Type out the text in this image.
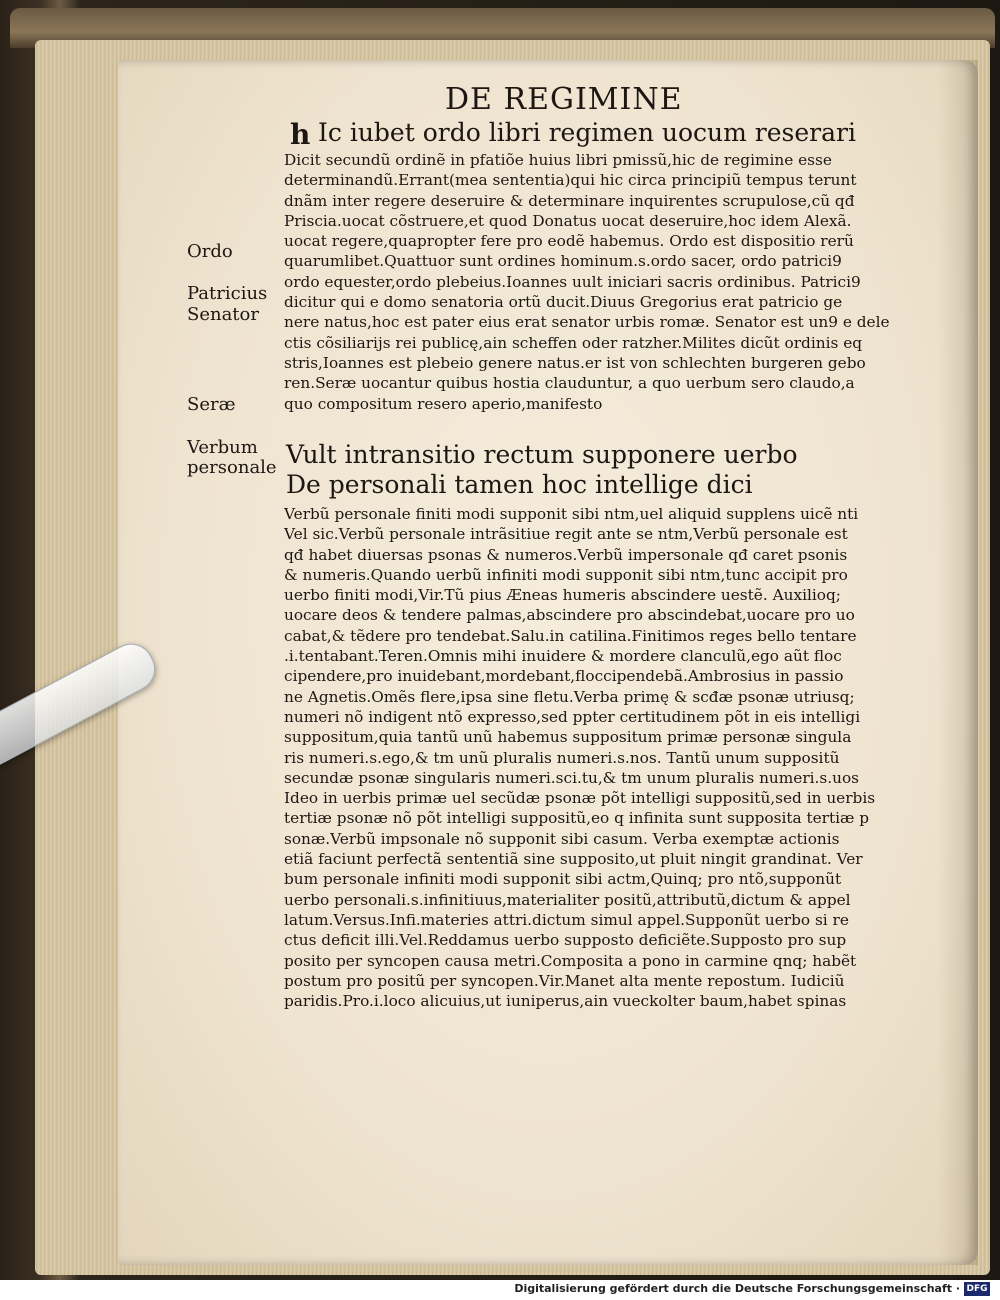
DE REGIMINE
h Ic iubet ordo libri regimen uocum reserari
Dicit secundũ ordinẽ in pfatiõe huius libri pmissũ,hic de regimine esse
determinandũ.Errant(mea sententia)qui hic circa principiũ tempus terunt
dnãm inter regere deseruire & determinare inquirentes scrupulose,cũ qđ
Priscia.uocat cõstruere,et quod Donatus uocat deseruire,hoc idem Alexã.
uocat regere,quapropter fere pro eodẽ habemus. Ordo est dispositio rerũ
quarumlibet.Quattuor sunt ordines hominum.s.ordo sacer, ordo patrici9
ordo equester,ordo plebeius.Ioannes uult iniciari sacris ordinibus. Patrici9
dicitur qui e domo senatoria ortũ ducit.Diuus Gregorius erat patricio ge
nere natus,hoc est pater eius erat senator urbis romæ. Senator est un9 e dele
ctis cõsiliarijs rei publicę,ain scheffen oder ratzher.Milites dicũt ordinis eq
stris,Ioannes est plebeio genere natus.er ist von schlechten burgeren gebo
ren.Seræ uocantur quibus hostia clauduntur, a quo uerbum sero claudo,a
quo compositum resero aperio,manifesto
Vult intransitio rectum supponere uerbo
De personali tamen hoc intellige dici
Verbũ personale finiti modi supponit sibi ntm,uel aliquid supplens uicẽ nti
Vel sic.Verbũ personale intrãsitiue regit ante se ntm,Verbũ personale est
qđ habet diuersas psonas & numeros.Verbũ impersonale qđ caret psonis
& numeris.Quando uerbũ infiniti modi supponit sibi ntm,tunc accipit pro
uerbo finiti modi,Vir.Tũ pius Æneas humeris abscindere uestẽ. Auxilioq;
uocare deos & tendere palmas,abscindere pro abscindebat,uocare pro uo
cabat,& tẽdere pro tendebat.Salu.in catilina.Finitimos reges bello tentare
.i.tentabant.Teren.Omnis mihi inuidere & mordere clanculũ,ego aũt floc
cipendere,pro inuidebant,mordebant,floccipendebã.Ambrosius in passio
ne Agnetis.Omẽs flere,ipsa sine fletu.Verba primę & scđæ psonæ utriusq;
numeri nõ indigent ntõ expresso,sed ppter certitudinem põt in eis intelligi
suppositum,quia tantũ unũ habemus suppositum primæ personæ singula
ris numeri.s.ego,& tm unũ pluralis numeri.s.nos. Tantũ unum suppositũ
secundæ psonæ singularis numeri.sci.tu,& tm unum pluralis numeri.s.uos
Ideo in uerbis primæ uel secũdæ psonæ põt intelligi suppositũ,sed in uerbis
tertiæ psonæ nõ põt intelligi suppositũ,eo q infinita sunt supposita tertiæ p
sonæ.Verbũ impsonale nõ supponit sibi casum. Verba exemptæ actionis
etiã faciunt perfectã sententiã sine supposito,ut pluit ningit grandinat. Ver
bum personale infiniti modi supponit sibi actm,Quinq; pro ntõ,supponũt
uerbo personali.s.infinitiuus,materialiter positũ,attributũ,dictum & appel
latum.Versus.Infi.materies attri.dictum simul appel.Supponũt uerbo si re
ctus deficit illi.Vel.Reddamus uerbo supposto deficiẽte.Supposto pro sup
posito per syncopen causa metri.Composita a pono in carmine qnq; habẽt
postum pro positũ per syncopen.Vir.Manet alta mente repostum. Iudiciũ
paridis.Pro.i.loco alicuius,ut iuniperus,ain vueckolter baum,habet spinas
Ordo
Patricius
Senator
Seræ
Verbum
personale
Digitalisierung gefördert durch die Deutsche Forschungsgemeinschaft · DFG
